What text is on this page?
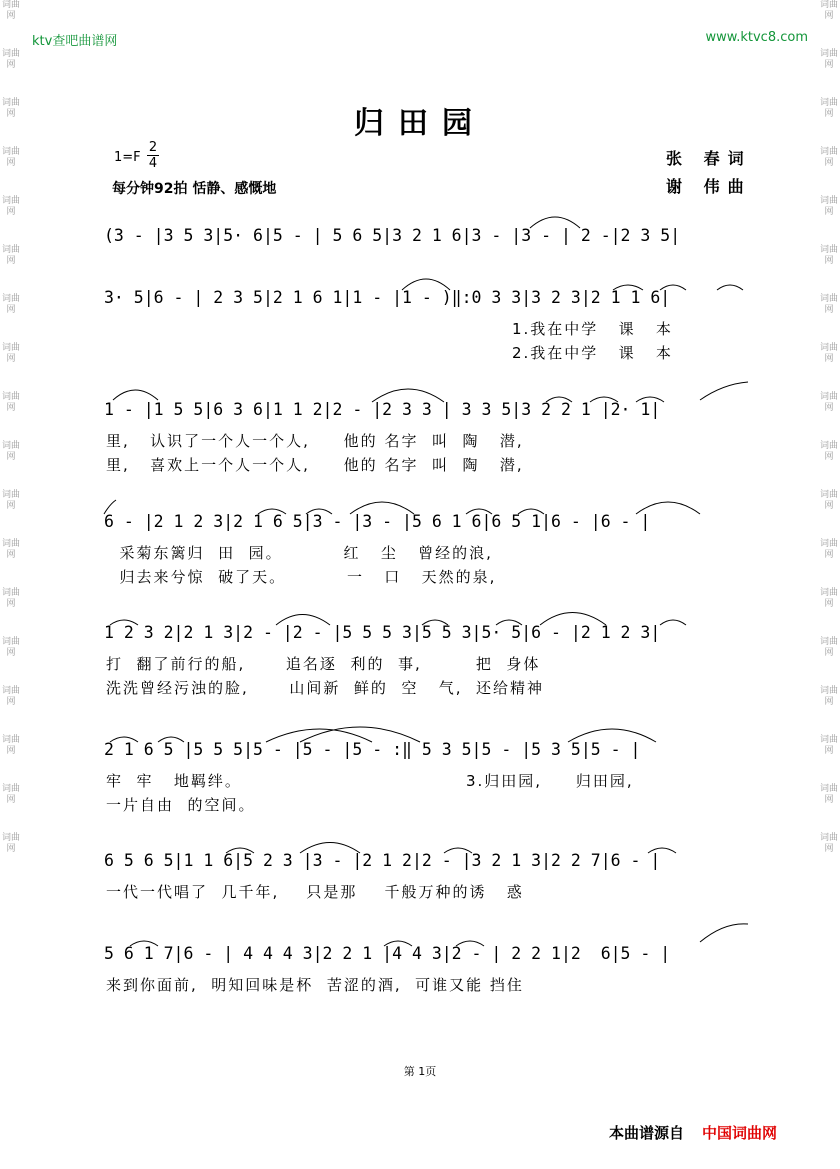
词曲网
词曲网
词曲网
词曲网
词曲网
词曲网
词曲网
词曲网
词曲网
词曲网
词曲网
词曲网
词曲网
词曲网
词曲网
词曲网
词曲网
词曲网
词曲网
词曲网
词曲网
词曲网
词曲网
词曲网
词曲网
词曲网
词曲网
词曲网
词曲网
词曲网
词曲网
词曲网
词曲网
词曲网
词曲网
词曲网
ktv查吧曲谱网	www.ktvc8.com
归田园
1=F
2
4
每分钟92拍 恬静、感慨地
张 春词
谢 伟曲
(3 - |3 5 3|5· 6|5 - | 5 6 5|3 2 1 6|3 - |3 - | 2 -|2 3 5|
3· 5|6 - | 2 3 5|2 1 6 1|1 - |1 - )‖:0 3 3|3 2 3|2 1 1 6|
1.我在中学   课   本
2.我在中学   课   本
1 - |1 5 5|6 3 6|1 1 2|2 - |2 3 3 | 3 3 5|3 2 2 1 |2· 1|
里,   认识了一个人一个人,     他的 名字  叫  陶   潜,
里,   喜欢上一个人一个人,     他的 名字  叫  陶   潜,
6 - |2 1 2 3|2 1 6 5|3 - |3 - |5 6 1 6|6 5 1|6 - |6 - |
采菊东篱归  田  园。         红   尘   曾经的浪,
归去来兮惊  破了天。         一   口   天然的泉,
1 2 3 2|2 1 3|2 - |2 - |5 5 5 3|5 5 3|5· 5|6 - |2 1 2 3|
打  翻了前行的船,      追名逐  利的  事,        把  身体
洗洗曾经污浊的脸,      山间新  鲜的  空   气,  还给精神
2 1 6 5 |5 5 5|5 - |5 - |5 - :‖ 5 3 5|5 - |5 3 5|5 - |
牢  牢   地羁绊。
一片自由  的空间。
3.归田园,     归田园,
6 5 6 5|1 1 6|5 2 3 |3 - |2 1 2|2 - |3 2 1 3|2 2 7|6 - |
一代一代唱了  几千年,    只是那    千般万种的诱   惑
5 6 1 7|6 - | 4 4 4 3|2 2 1 |4 4 3|2 - | 2 2 1|2  6|5 - |
来到你面前,  明知回味是杯  苦涩的酒,  可谁又能 挡住
第 1页
本曲谱源自 中国词曲网
